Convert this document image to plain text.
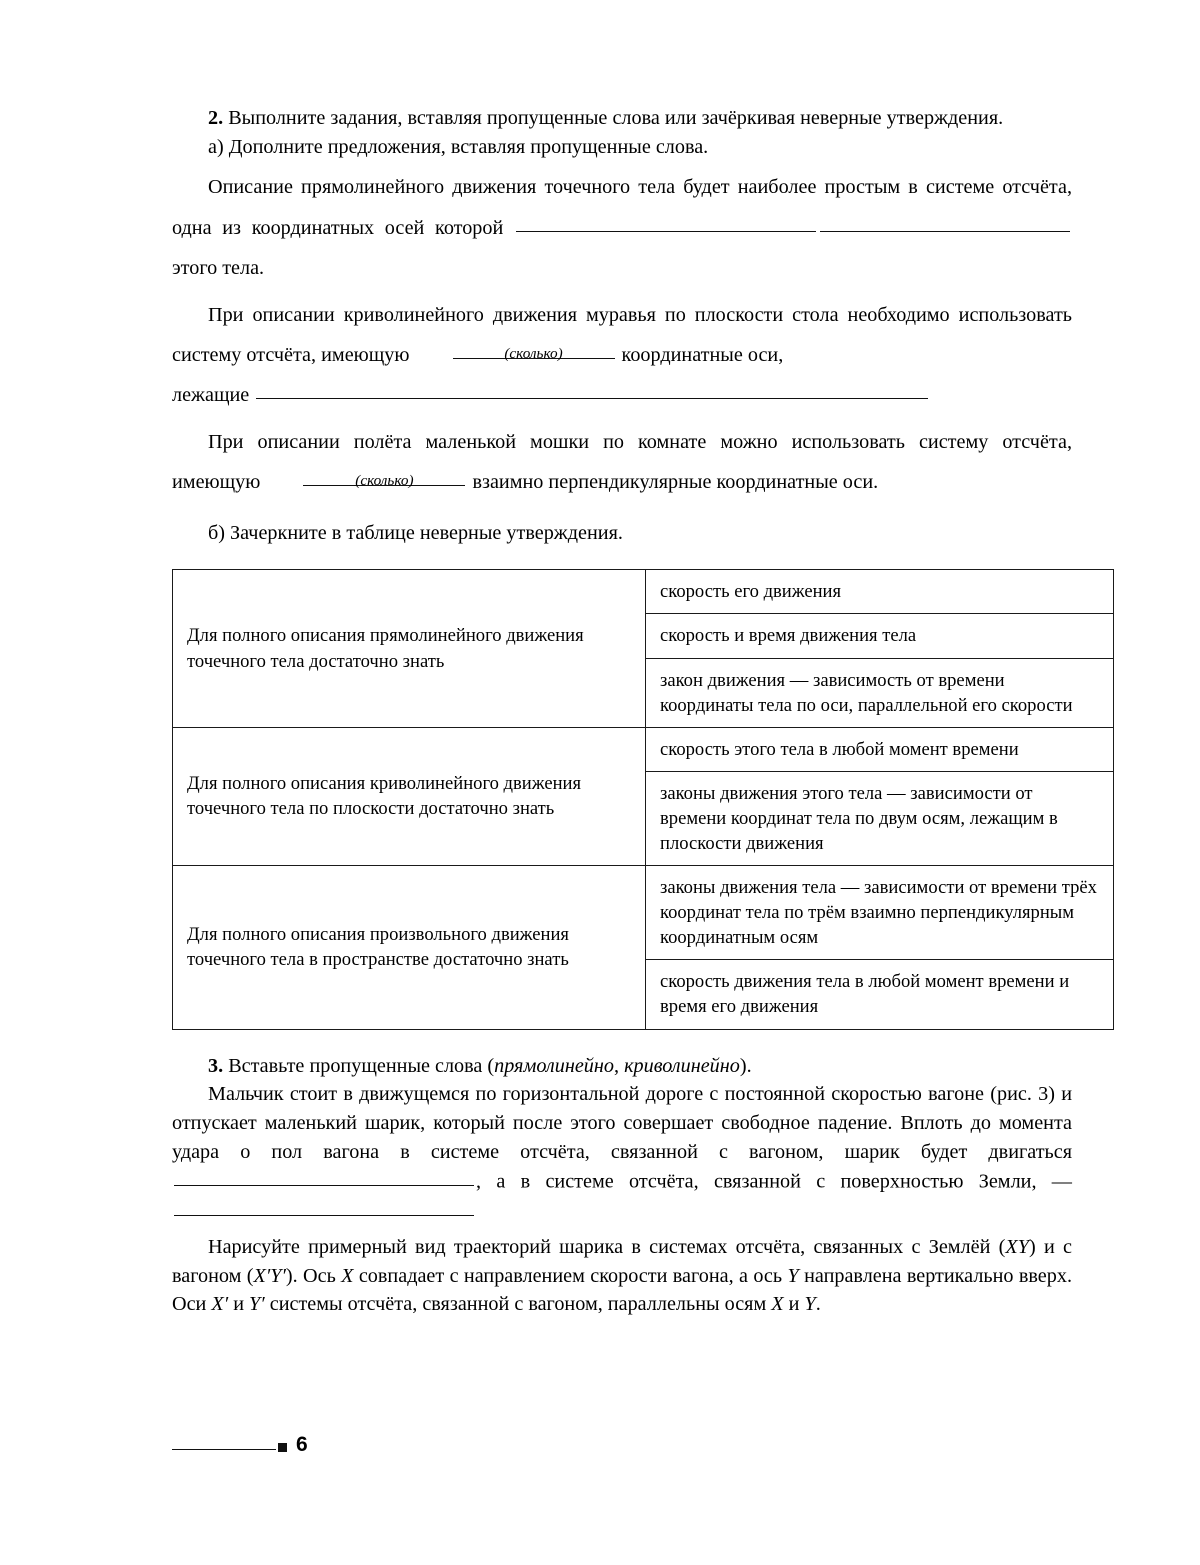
2. Выполните задания, вставляя пропущенные слова или зачёркивая неверные утверждения.

а) Дополните предложения, вставляя пропущенные слова.

Описание прямолинейного движения точечного тела будет наиболее простым в системе отсчёта, одна из координатных осей которой  этого тела.

При описании криволинейного движения муравья по плоскости стола необходимо использовать систему отсчёта, имеющую	(сколько)	координатные оси,

лежащие

При описании полёта маленькой мошки по комнате можно использовать систему отсчёта, имеющую	(сколько)	взаимно перпендикулярные координатные оси.

б) Зачеркните в таблице неверные утверждения.

Для полного описания прямолинейного движения точечного тела достаточно знать	скорость его движения
	скорость и время движения тела
	закон движения — зависимость от времени координаты тела по оси, параллельной его скорости
Для полного описания криволинейного движения точечного тела по плоскости достаточно знать	скорость этого тела в любой момент времени
	законы движения этого тела — зависимости от времени координат тела по двум осям, лежащим в плоскости движения
Для полного описания произвольного движения точечного тела в пространстве достаточно знать	законы движения тела — зависимости от времени трёх координат тела по трём взаимно перпендикулярным координатным осям
	скорость движения тела в любой момент времени и время его движения

3. Вставьте пропущенные слова (прямолинейно, криволинейно).

Мальчик стоит в движущемся по горизонтальной дороге с постоянной скоростью вагоне (рис. 3) и отпускает маленький шарик, который после этого совершает свободное падение. Вплоть до момента удара о пол вагона в системе отсчёта, связанной с вагоном, шарик будет двигаться , а в системе отсчёта, связанной с поверхностью Земли, —

Нарисуйте примерный вид траекторий шарика в системах отсчёта, связанных с Землёй (XY) и с вагоном (X′Y′). Ось X совпадает с направлением скорости вагона, а ось Y направлена вертикально вверх. Оси X′ и Y′ системы отсчёта, связанной с вагоном, параллельны осям X и Y.

6
